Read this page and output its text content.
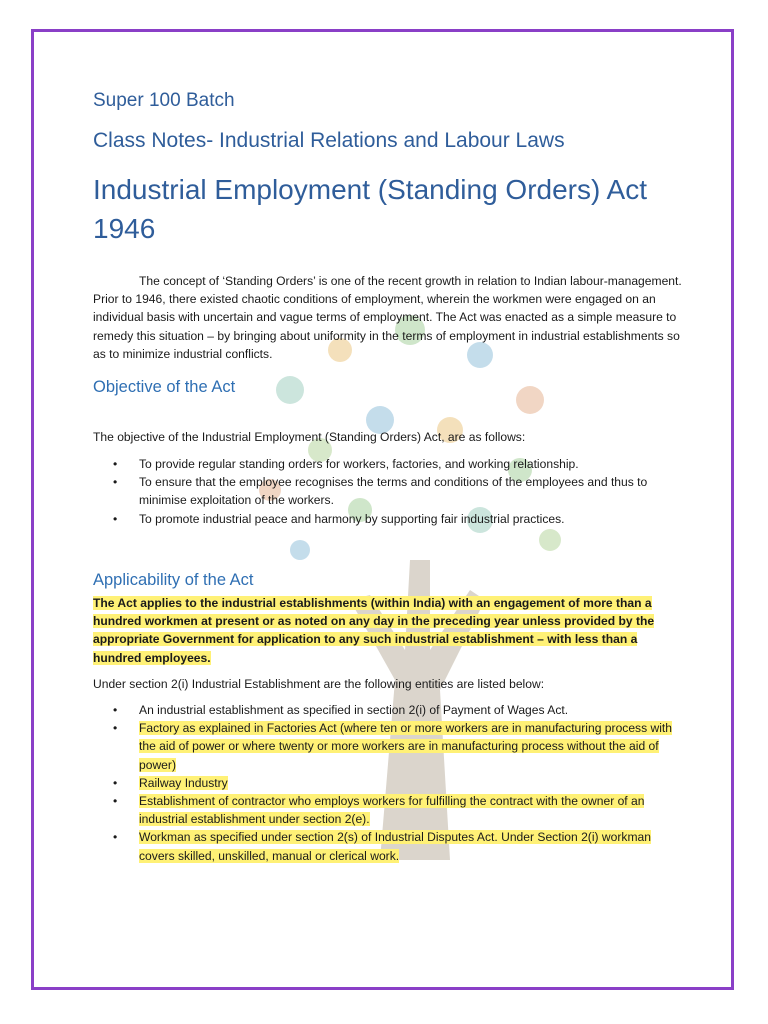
Super 100 Batch
Class Notes- Industrial Relations and Labour Laws
Industrial Employment (Standing Orders) Act 1946
The concept of ‘Standing Orders’ is one of the recent growth in relation to Indian labour-management. Prior to 1946, there existed chaotic conditions of employment, wherein the workmen were engaged on an individual basis with uncertain and vague terms of employment. The Act was enacted as a simple measure to remedy this situation – by bringing about uniformity in the terms of employment in industrial establishments so as to minimize industrial conflicts.
Objective of the Act
The objective of the Industrial Employment (Standing Orders) Act, are as follows:
• To provide regular standing orders for workers, factories, and working relationship.
• To ensure that the employee recognises the terms and conditions of the employees and thus to minimise exploitation of the workers.
• To promote industrial peace and harmony by supporting fair industrial practices.
Applicability of the Act
The Act applies to the industrial establishments (within India) with an engagement of more than a hundred workmen at present or as noted on any day in the preceding year unless provided by the appropriate Government for application to any such industrial establishment – with less than a hundred employees.
Under section 2(i) Industrial Establishment are the following entities are listed below:
• An industrial establishment as specified in section 2(i) of Payment of Wages Act.
• Factory as explained in Factories Act (where ten or more workers are in manufacturing process with the aid of power or where twenty or more workers are in manufacturing process without the aid of power)
• Railway Industry
• Establishment of contractor who employs workers for fulfilling the contract with the owner of an industrial establishment under section 2(e).
• Workman as specified under section 2(s) of Industrial Disputes Act. Under Section 2(i) workman covers skilled, unskilled, manual or clerical work.
